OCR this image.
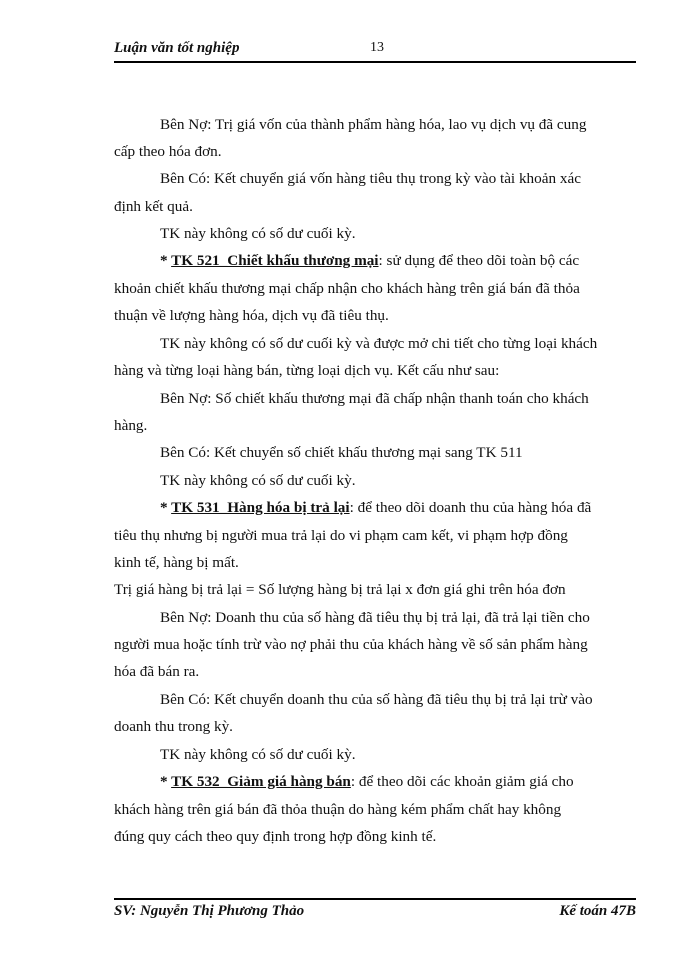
Luận văn tốt nghiệp	13
Bên Nợ: Trị giá vốn của thành phẩm hàng hóa, lao vụ dịch vụ đã cung
cấp theo hóa đơn.
Bên Có: Kết chuyển giá vốn hàng tiêu thụ trong kỳ vào tài khoản xác
định kết quả.
TK này không có số dư cuối kỳ.
* TK 521_Chiết khấu thương mại: sử dụng để theo dõi toàn bộ các
khoản chiết khấu thương mại chấp nhận cho khách hàng trên giá bán đã thỏa
thuận về lượng hàng hóa, dịch vụ đã tiêu thụ.
TK này không có số dư cuối kỳ và được mở chi tiết cho từng loại khách
hàng và từng loại hàng bán, từng loại dịch vụ. Kết cấu như sau:
Bên Nợ: Số chiết khấu thương mại đã chấp nhận thanh toán cho khách
hàng.
Bên Có: Kết chuyển số chiết khấu thương mại sang TK 511
TK này không có số dư cuối kỳ.
* TK 531_Hàng hóa bị trả lại: để theo dõi doanh thu của hàng hóa đã
tiêu thụ nhưng bị người mua trả lại do vi phạm cam kết, vi phạm hợp đồng
kinh tế, hàng bị mất.
Trị giá hàng bị trả lại = Số lượng hàng bị trả lại x đơn giá ghi trên hóa đơn
Bên Nợ: Doanh thu của số hàng đã tiêu thụ bị trả lại, đã trả lại tiền cho
người mua hoặc tính trừ vào nợ phải thu của khách hàng về số sản phẩm hàng
hóa đã bán ra.
Bên Có: Kết chuyển doanh thu của số hàng đã tiêu thụ bị trả lại trừ vào
doanh thu trong kỳ.
TK này không có số dư cuối kỳ.
* TK 532_Giảm giá hàng bán: để theo dõi các khoản giảm giá cho
khách hàng trên giá bán đã thỏa thuận do hàng kém phẩm chất hay không
đúng quy cách theo quy định trong hợp đồng kinh tế.
SV: Nguyễn Thị Phương Thảo	Kế toán 47B
